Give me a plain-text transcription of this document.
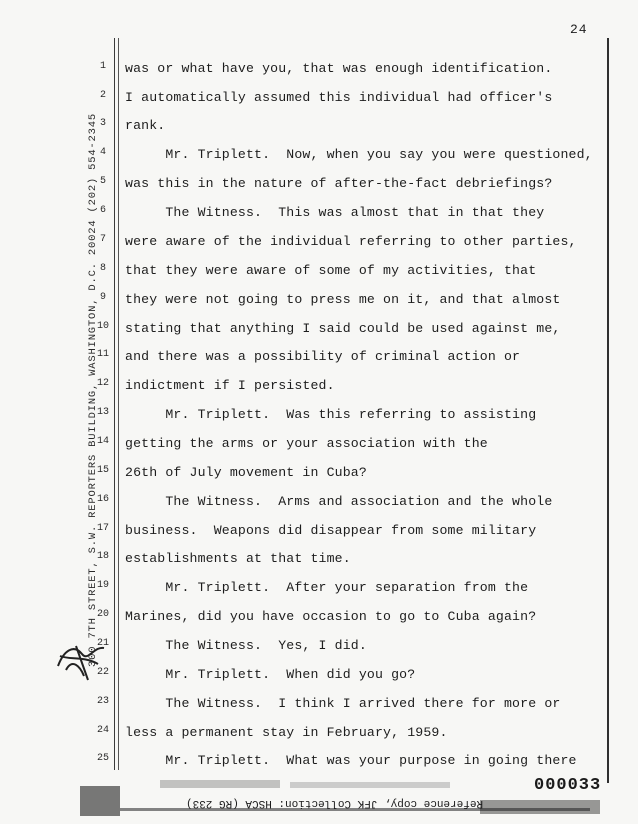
24
300 7TH STREET, S.W. REPORTERS BUILDING, WASHINGTON, D.C. 20024 (202) 554-2345
1	was or what have you, that was enough identification.
2	I automatically assumed this individual had officer's
3	rank.
4	Mr. Triplett.  Now, when you say you were questioned,
5	was this in the nature of after-the-fact debriefings?
6	The Witness.  This was almost that in that they
7	were aware of the individual referring to other parties,
8	that they were aware of some of my activities, that
9	they were not going to press me on it, and that almost
10 stating that anything I said could be used against me,
11 and there was a possibility of criminal action or
12 indictment if I persisted.
13 Mr. Triplett.  Was this referring to assisting
14 getting the arms or your association with the
15 26th of July movement in Cuba?
16 The Witness.  Arms and association and the whole
17 business.  Weapons did disappear from some military
18 establishments at that time.
19 Mr. Triplett.  After your separation from the
20 Marines, did you have occasion to go to Cuba again?
21 The Witness.  Yes, I did.
22 Mr. Triplett.  When did you go?
23 The Witness.  I think I arrived there for more or
24 less a permanent stay in February, 1959.
25 Mr. Triplett.  What was your purpose in going there
Reference copy, JFK Collection: HSCA (RG 233)
000033
